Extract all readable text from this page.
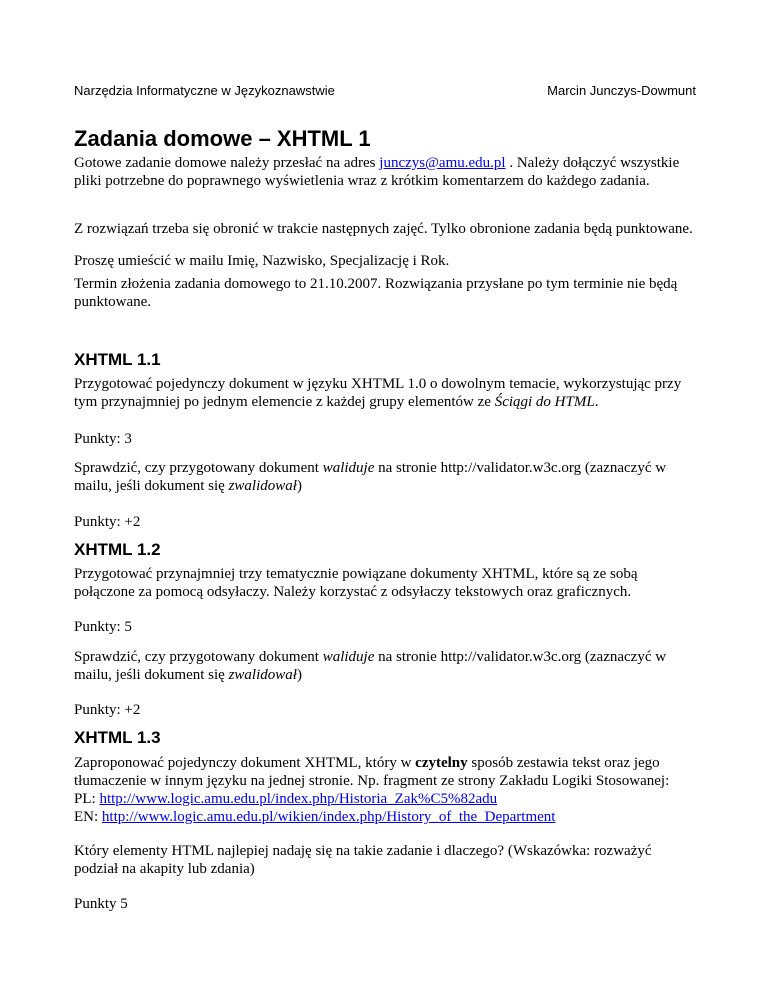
Narzędzia Informatyczne w Językoznawstwie	Marcin Junczys-Dowmunt
Zadania domowe – XHTML 1

Gotowe zadanie domowe należy przesłać na adres junczys@amu.edu.pl . Należy dołączyć wszystkie pliki potrzebne do poprawnego wyświetlenia wraz z krótkim komentarzem do każdego zadania.

Z rozwiązań trzeba się obronić w trakcie następnych zajęć. Tylko obronione zadania będą punktowane.

Proszę umieścić w mailu Imię, Nazwisko, Specjalizację i Rok.

Termin złożenia zadania domowego to 21.10.2007. Rozwiązania przysłane po tym terminie nie będą punktowane.

XHTML 1.1

Przygotować pojedynczy dokument w języku XHTML 1.0 o dowolnym temacie, wykorzystując przy tym przynajmniej po jednym elemencie z każdej grupy elementów ze Ściągi do HTML.

Punkty: 3

Sprawdzić, czy przygotowany dokument waliduje na stronie http://validator.w3c.org (zaznaczyć w mailu, jeśli dokument się zwalidował)

Punkty: +2

XHTML 1.2

Przygotować przynajmniej trzy tematycznie powiązane dokumenty XHTML, które są ze sobą połączone za pomocą odsyłaczy. Należy korzystać z odsyłaczy tekstowych oraz graficznych.

Punkty: 5

Sprawdzić, czy przygotowany dokument waliduje na stronie http://validator.w3c.org (zaznaczyć w mailu, jeśli dokument się zwalidował)

Punkty: +2

XHTML 1.3

Zaproponować pojedynczy dokument XHTML, który w czytelny sposób zestawia tekst oraz jego tłumaczenie w innym języku na jednej stronie. Np. fragment ze strony Zakładu Logiki Stosowanej:
PL: http://www.logic.amu.edu.pl/index.php/Historia_Zak%C5%82adu
EN: http://www.logic.amu.edu.pl/wikien/index.php/History_of_the_Department

Który elementy HTML najlepiej nadaję się na takie zadanie i dlaczego? (Wskazówka: rozważyć podział na akapity lub zdania)

Punkty 5
